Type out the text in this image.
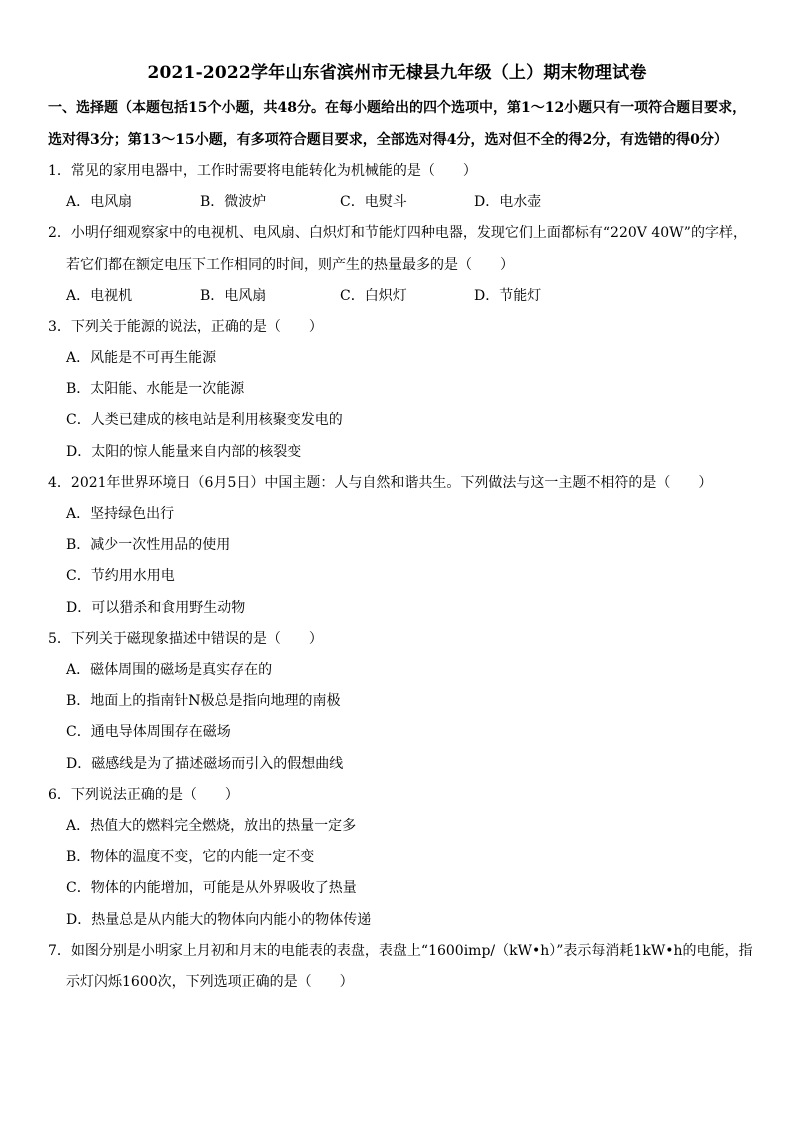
2021-2022学年山东省滨州市无棣县九年级（上）期末物理试卷
一、选择题（本题包括15个小题，共48分。在每小题给出的四个选项中，第1～12小题只有一项符合题目要求，
选对得3分；第13～15小题，有多项符合题目要求，全部选对得4分，选对但不全的得2分，有选错的得0分）
1．常见的家用电器中，工作时需要将电能转化为机械能的是（　　）
A．电风扇	B．微波炉	C．电熨斗	D．电水壶
2．小明仔细观察家中的电视机、电风扇、白炽灯和节能灯四种电器，发现它们上面都标有“220V 40W”的字样，
若它们都在额定电压下工作相同的时间，则产生的热量最多的是（　　）
A．电视机	B．电风扇	C．白炽灯	D．节能灯
3．下列关于能源的说法，正确的是（　　）
A．风能是不可再生能源
B．太阳能、水能是一次能源
C．人类已建成的核电站是利用核聚变发电的
D．太阳的惊人能量来自内部的核裂变
4．2021年世界环境日（6月5日）中国主题：人与自然和谐共生。下列做法与这一主题不相符的是（　　）
A．坚持绿色出行
B．减少一次性用品的使用
C．节约用水用电
D．可以猎杀和食用野生动物
5．下列关于磁现象描述中错误的是（　　）
A．磁体周围的磁场是真实存在的
B．地面上的指南针N极总是指向地理的南极
C．通电导体周围存在磁场
D．磁感线是为了描述磁场而引入的假想曲线
6．下列说法正确的是（　　）
A．热值大的燃料完全燃烧，放出的热量一定多
B．物体的温度不变，它的内能一定不变
C．物体的内能增加，可能是从外界吸收了热量
D．热量总是从内能大的物体向内能小的物体传递
7．如图分别是小明家上月初和月末的电能表的表盘，表盘上“1600imp/（kW•h）”表示每消耗1kW•h的电能，指
示灯闪烁1600次，下列选项正确的是（　　）
